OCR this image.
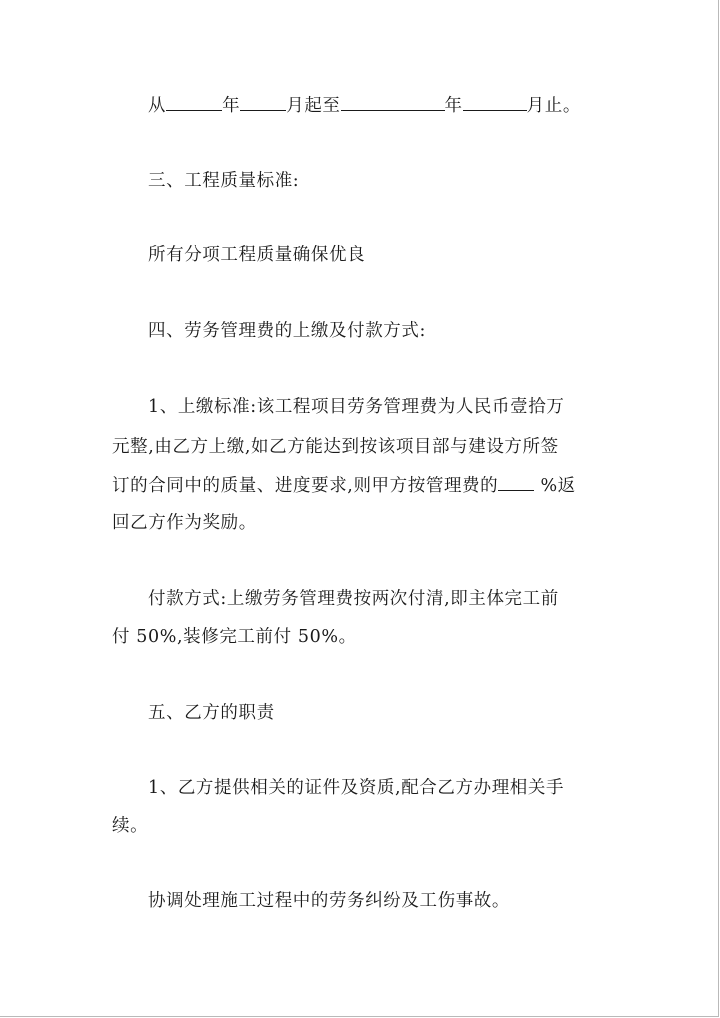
从	年	月起至	年	月止。

三、工程质量标准:

所有分项工程质量确保优良

四、劳务管理费的上缴及付款方式:

1、上缴标准:该工程项目劳务管理费为人民币壹拾万

元整,由乙方上缴,如乙方能达到按该项目部与建设方所签

订的合同中的质量、进度要求,则甲方按管理费的 %返

回乙方作为奖励。

付款方式:上缴劳务管理费按两次付清,即主体完工前

付 50%,装修完工前付 50%。

五、乙方的职责

1、乙方提供相关的证件及资质,配合乙方办理相关手

续。

协调处理施工过程中的劳务纠纷及工伤事故。
